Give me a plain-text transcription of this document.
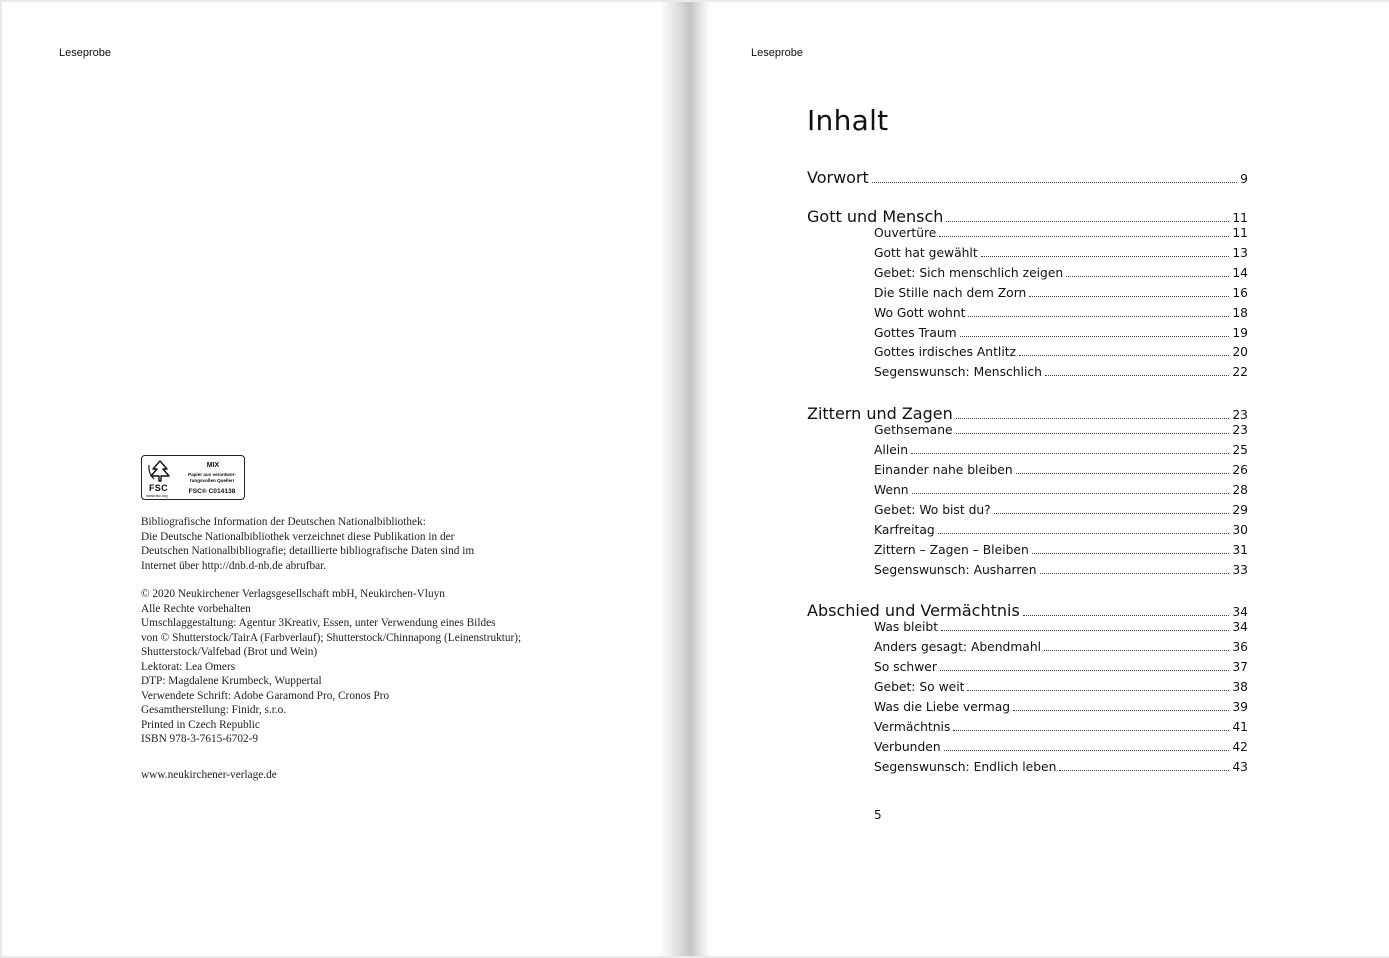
Leseprobe
FSC
www.fsc.org
MIX
Papier aus verantwor-
tungsvollen Quellen
FSC® C014138
Bibliografische Information der Deutschen Nationalbibliothek:
Die Deutsche Nationalbibliothek verzeichnet diese Publikation in der
Deutschen Nationalbibliografie; detaillierte bibliografische Daten sind im
Internet über http://dnb.d-nb.de abrufbar.
© 2020 Neukirchener Verlagsgesellschaft mbH, Neukirchen-Vluyn
Alle Rechte vorbehalten
Umschlaggestaltung: Agentur 3Kreativ, Essen, unter Verwendung eines Bildes
von © Shutterstock/TairA (Farbverlauf); Shutterstock/Chinnapong (Leinenstruktur);
Shutterstock/Valfebad (Brot und Wein)
Lektorat: Lea Omers
DTP: Magdalene Krumbeck, Wuppertal
Verwendete Schrift: Adobe Garamond Pro, Cronos Pro
Gesamtherstellung: Finidr, s.r.o.
Printed in Czech Republic
ISBN 978-3-7615-6702-9
www.neukirchener-verlage.de
Leseprobe
Inhalt
Vorwort	9
Gott und Mensch	11
Ouvertüre	11
Gott hat gewählt	13
Gebet: Sich menschlich zeigen	14
Die Stille nach dem Zorn	16
Wo Gott wohnt	18
Gottes Traum	19
Gottes irdisches Antlitz	20
Segenswunsch: Menschlich	22
Zittern und Zagen	23
Gethsemane	23
Allein	25
Einander nahe bleiben	26
Wenn	28
Gebet: Wo bist du?	29
Karfreitag	30
Zittern – Zagen – Bleiben	31
Segenswunsch: Ausharren	33
Abschied und Vermächtnis	34
Was bleibt	34
Anders gesagt: Abendmahl	36
So schwer	37
Gebet: So weit	38
Was die Liebe vermag	39
Vermächtnis	41
Verbunden	42
Segenswunsch: Endlich leben	43
5
